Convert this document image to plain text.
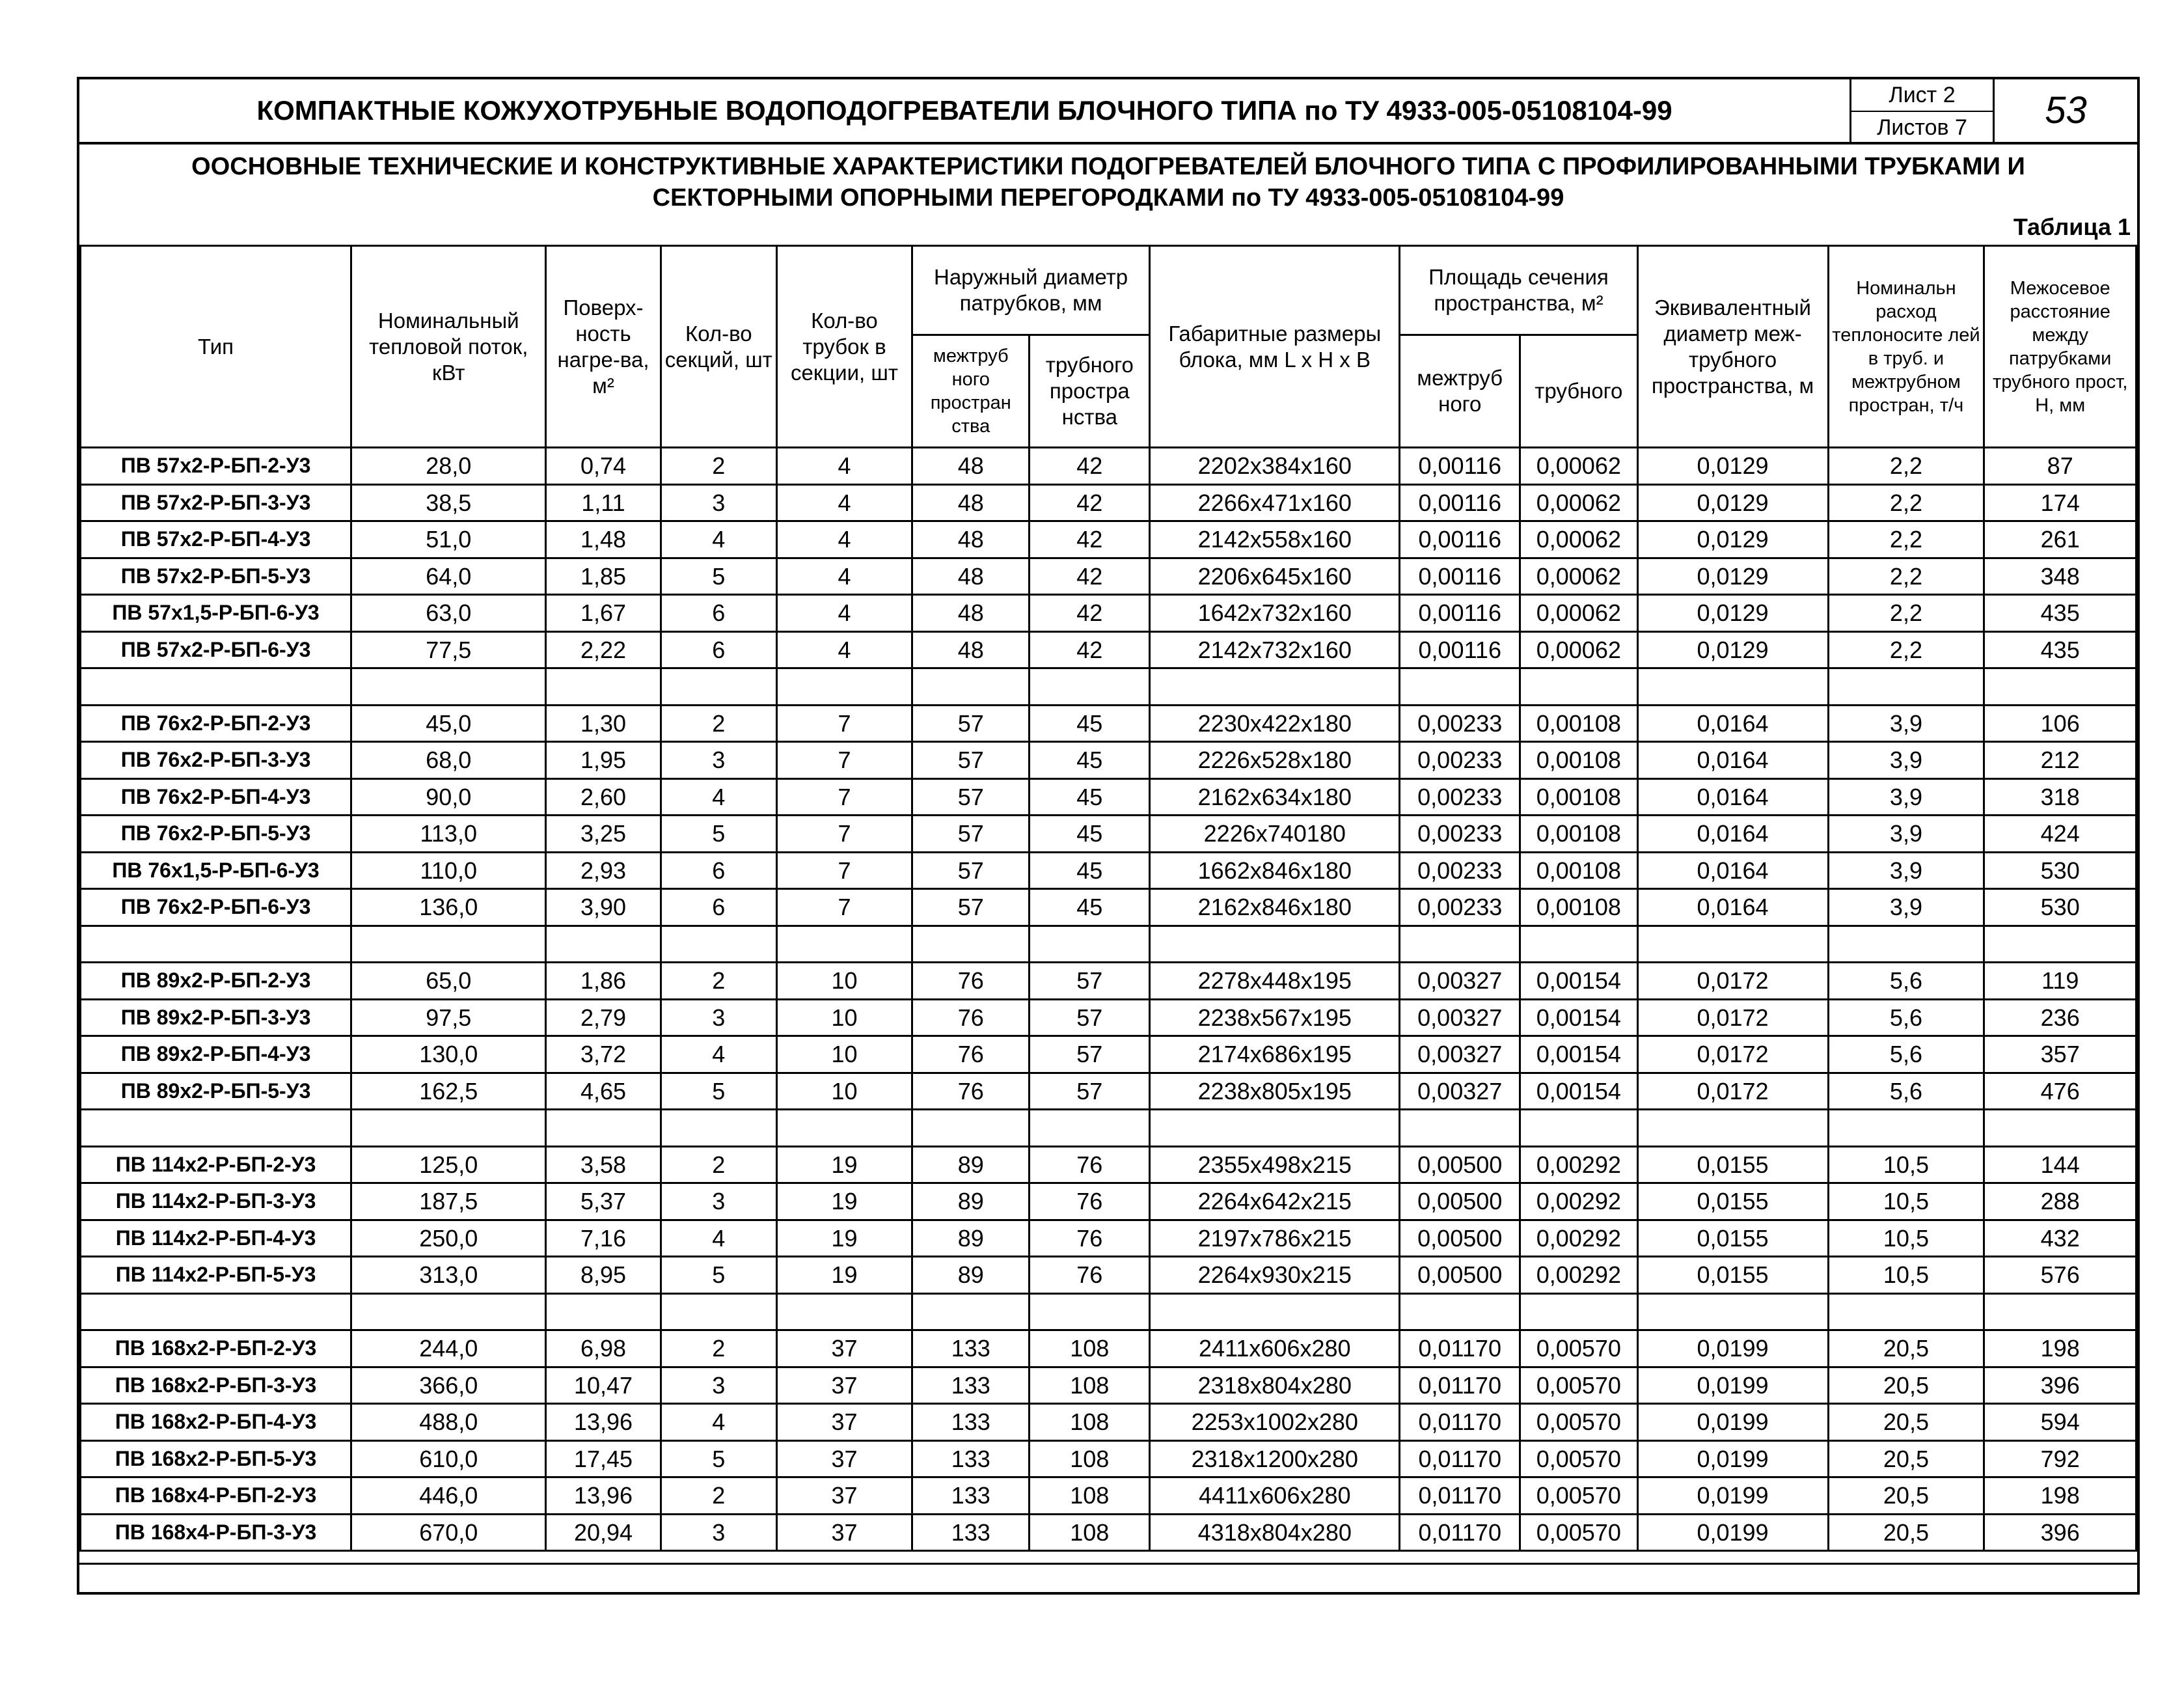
КОМПАКТНЫЕ КОЖУХОТРУБНЫЕ ВОДОПОДОГРЕВАТЕЛИ БЛОЧНОГО ТИПА по ТУ 4933-005-05108104-99	Лист 2
Листов 7	53
ООСНОВНЫЕ ТЕХНИЧЕСКИЕ И КОНСТРУКТИВНЫЕ ХАРАКТЕРИСТИКИ ПОДОГРЕВАТЕЛЕЙ БЛОЧНОГО ТИПА С ПРОФИЛИРОВАННЫМИ ТРУБКАМИ И
СЕКТОРНЫМИ ОПОРНЫМИ ПЕРЕГОРОДКАМИ по ТУ 4933-005-05108104-99
Таблица 1
Тип	Номинальный тепловой поток, кВт	Поверх-ность нагре-ва, м²	Кол-во секций, шт	Кол-во трубок в секции, шт	Наружный диаметр патрубков, мм		Габаритные размеры блока, мм L x H x B	Площадь сечения пространства, м²		Эквивалентный диаметр меж-трубного пространства, м	Номинальн расход теплоносите лей в труб. и межтрубном простран, т/ч	Межосевое расстояние между патрубками трубного прост, Н, мм
					межтруб ного простран ства	трубного простра нства		межтруб ного	трубного			
ПВ 57х2-Р-БП-2-У3	28,0	0,74	2	4	48	42	2202х384х160	0,00116	0,00062	0,0129	2,2	87
ПВ 57х2-Р-БП-3-У3	38,5	1,11	3	4	48	42	2266х471х160	0,00116	0,00062	0,0129	2,2	174
ПВ 57х2-Р-БП-4-У3	51,0	1,48	4	4	48	42	2142х558х160	0,00116	0,00062	0,0129	2,2	261
ПВ 57х2-Р-БП-5-У3	64,0	1,85	5	4	48	42	2206х645х160	0,00116	0,00062	0,0129	2,2	348
ПВ 57х1,5-Р-БП-6-У3	63,0	1,67	6	4	48	42	1642х732х160	0,00116	0,00062	0,0129	2,2	435
ПВ 57х2-Р-БП-6-У3	77,5	2,22	6	4	48	42	2142х732х160	0,00116	0,00062	0,0129	2,2	435

ПВ 76х2-Р-БП-2-У3	45,0	1,30	2	7	57	45	2230х422х180	0,00233	0,00108	0,0164	3,9	106
ПВ 76х2-Р-БП-3-У3	68,0	1,95	3	7	57	45	2226х528х180	0,00233	0,00108	0,0164	3,9	212
ПВ 76х2-Р-БП-4-У3	90,0	2,60	4	7	57	45	2162х634х180	0,00233	0,00108	0,0164	3,9	318
ПВ 76х2-Р-БП-5-У3	113,0	3,25	5	7	57	45	2226х740180	0,00233	0,00108	0,0164	3,9	424
ПВ 76х1,5-Р-БП-6-У3	110,0	2,93	6	7	57	45	1662х846х180	0,00233	0,00108	0,0164	3,9	530
ПВ 76х2-Р-БП-6-У3	136,0	3,90	6	7	57	45	2162х846х180	0,00233	0,00108	0,0164	3,9	530

ПВ 89х2-Р-БП-2-У3	65,0	1,86	2	10	76	57	2278х448х195	0,00327	0,00154	0,0172	5,6	119
ПВ 89х2-Р-БП-3-У3	97,5	2,79	3	10	76	57	2238х567х195	0,00327	0,00154	0,0172	5,6	236
ПВ 89х2-Р-БП-4-У3	130,0	3,72	4	10	76	57	2174х686х195	0,00327	0,00154	0,0172	5,6	357
ПВ 89х2-Р-БП-5-У3	162,5	4,65	5	10	76	57	2238х805х195	0,00327	0,00154	0,0172	5,6	476

ПВ 114х2-Р-БП-2-У3	125,0	3,58	2	19	89	76	2355х498х215	0,00500	0,00292	0,0155	10,5	144
ПВ 114х2-Р-БП-3-У3	187,5	5,37	3	19	89	76	2264х642х215	0,00500	0,00292	0,0155	10,5	288
ПВ 114х2-Р-БП-4-У3	250,0	7,16	4	19	89	76	2197х786х215	0,00500	0,00292	0,0155	10,5	432
ПВ 114х2-Р-БП-5-У3	313,0	8,95	5	19	89	76	2264х930х215	0,00500	0,00292	0,0155	10,5	576

ПВ 168х2-Р-БП-2-У3	244,0	6,98	2	37	133	108	2411х606х280	0,01170	0,00570	0,0199	20,5	198
ПВ 168х2-Р-БП-3-У3	366,0	10,47	3	37	133	108	2318х804х280	0,01170	0,00570	0,0199	20,5	396
ПВ 168х2-Р-БП-4-У3	488,0	13,96	4	37	133	108	2253х1002х280	0,01170	0,00570	0,0199	20,5	594
ПВ 168х2-Р-БП-5-У3	610,0	17,45	5	37	133	108	2318х1200х280	0,01170	0,00570	0,0199	20,5	792
ПВ 168х4-Р-БП-2-У3	446,0	13,96	2	37	133	108	4411х606х280	0,01170	0,00570	0,0199	20,5	198
ПВ 168х4-Р-БП-3-У3	670,0	20,94	3	37	133	108	4318х804х280	0,01170	0,00570	0,0199	20,5	396
